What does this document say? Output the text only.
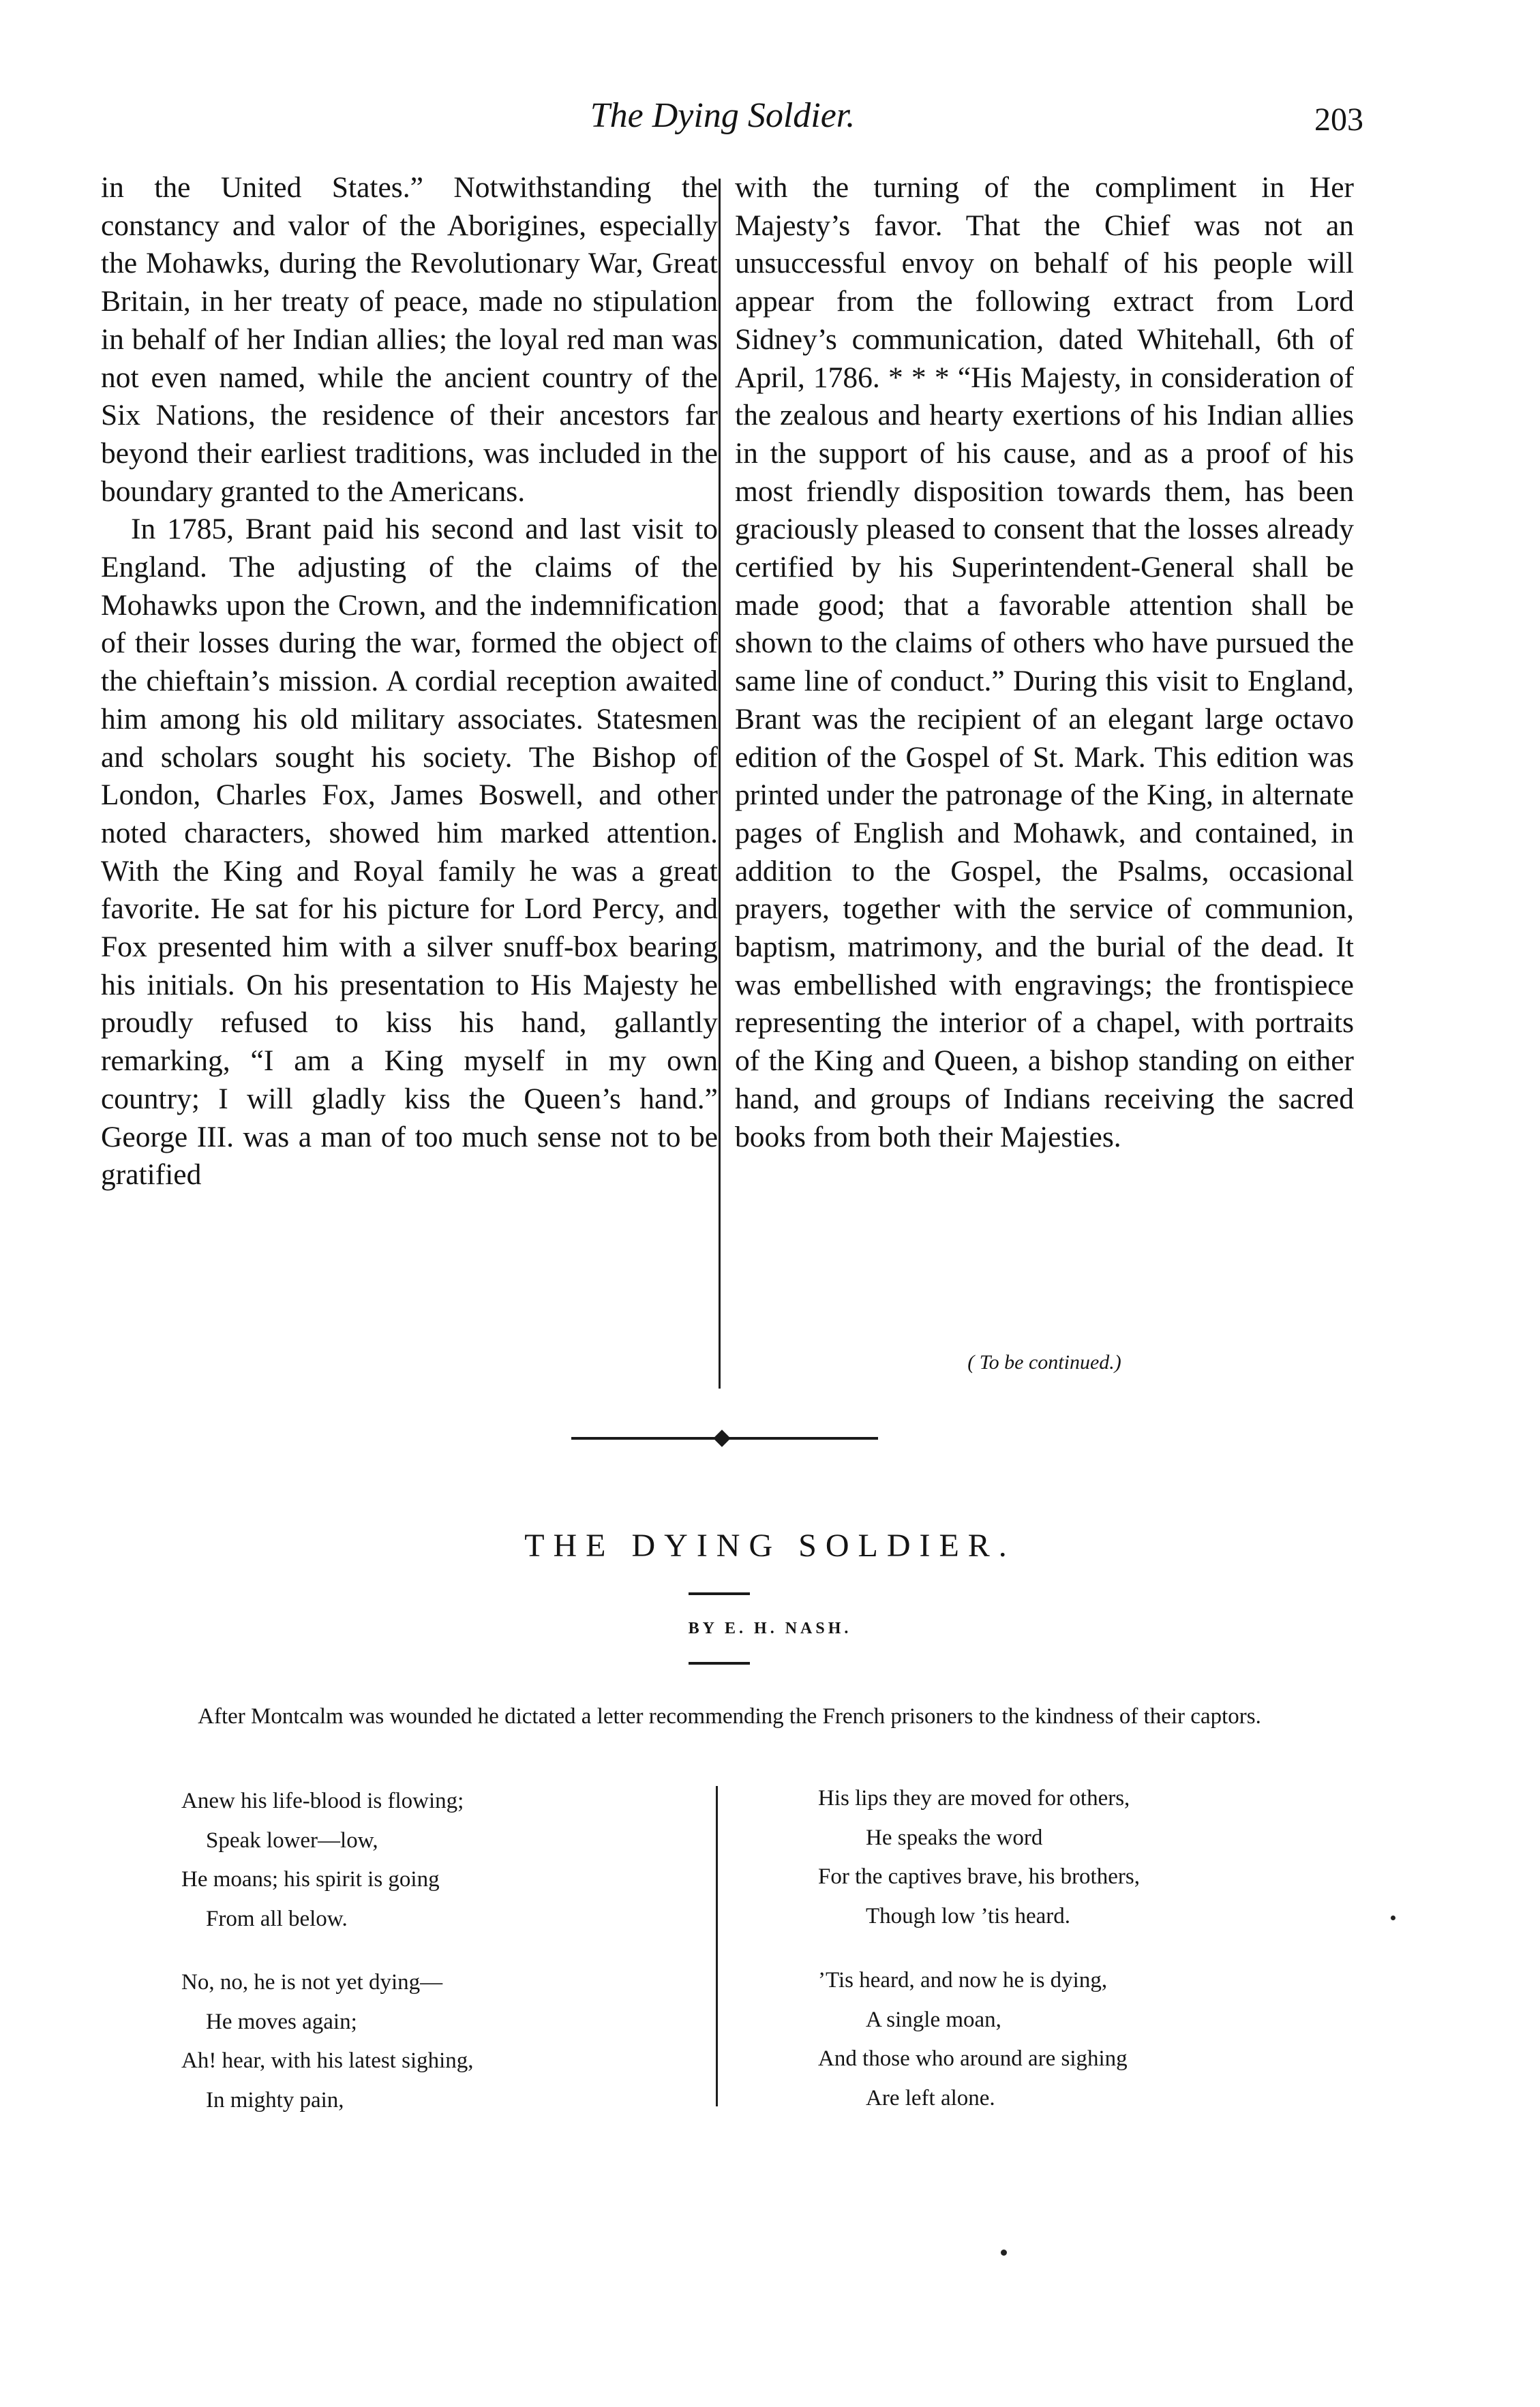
The Dying Soldier.	203

in the United States.” Notwithstanding the constancy and valor of the Aborigines, especially the Mohawks, during the Revolutionary War, Great Britain, in her treaty of peace, made no stipulation in behalf of her Indian allies; the loyal red man was not even named, while the ancient country of the Six Nations, the residence of their ancestors far beyond their earliest traditions, was included in the boundary granted to the Americans.

In 1785, Brant paid his second and last visit to England. The adjusting of the claims of the Mohawks upon the Crown, and the indemnification of their losses during the war, formed the object of the chieftain’s mission. A cordial reception awaited him among his old military associates. Statesmen and scholars sought his society. The Bishop of London, Charles Fox, James Boswell, and other noted characters, showed him marked attention. With the King and Royal family he was a great favorite. He sat for his picture for Lord Percy, and Fox presented him with a silver snuff-box bearing his initials. On his presentation to His Majesty he proudly refused to kiss his hand, gallantly remarking, “I am a King myself in my own country; I will gladly kiss the Queen’s hand.” George III. was a man of too much sense not to be gratified

with the turning of the compliment in Her Majesty’s favor. That the Chief was not an unsuccessful envoy on behalf of his people will appear from the following extract from Lord Sidney’s communication, dated Whitehall, 6th of April, 1786. * * * “His Majesty, in consideration of the zealous and hearty exertions of his Indian allies in the support of his cause, and as a proof of his most friendly disposition towards them, has been graciously pleased to consent that the losses already certified by his Superintendent-General shall be made good; that a favorable attention shall be shown to the claims of others who have pursued the same line of conduct.” During this visit to England, Brant was the recipient of an elegant large octavo edition of the Gospel of St. Mark. This edition was printed under the patronage of the King, in alternate pages of English and Mohawk, and contained, in addition to the Gospel, the Psalms, occasional prayers, together with the service of communion, baptism, matrimony, and the burial of the dead. It was embellished with engravings; the frontispiece representing the interior of a chapel, with portraits of the King and Queen, a bishop standing on either hand, and groups of Indians receiving the sacred books from both their Majesties.

( To be continued.)
THE DYING SOLDIER.
BY E. H. NASH.
After Montcalm was wounded he dictated a letter recommending the French prisoners to the kindness of their captors.
Anew his life-blood is flowing;
Speak lower—low,
He moans; his spirit is going
From all below.
No, no, he is not yet dying—
He moves again;
Ah! hear, with his latest sighing,
In mighty pain,
His lips they are moved for others,
He speaks the word
For the captives brave, his brothers,
Though low ’tis heard.
’Tis heard, and now he is dying,
A single moan,
And those who around are sighing
Are left alone.
